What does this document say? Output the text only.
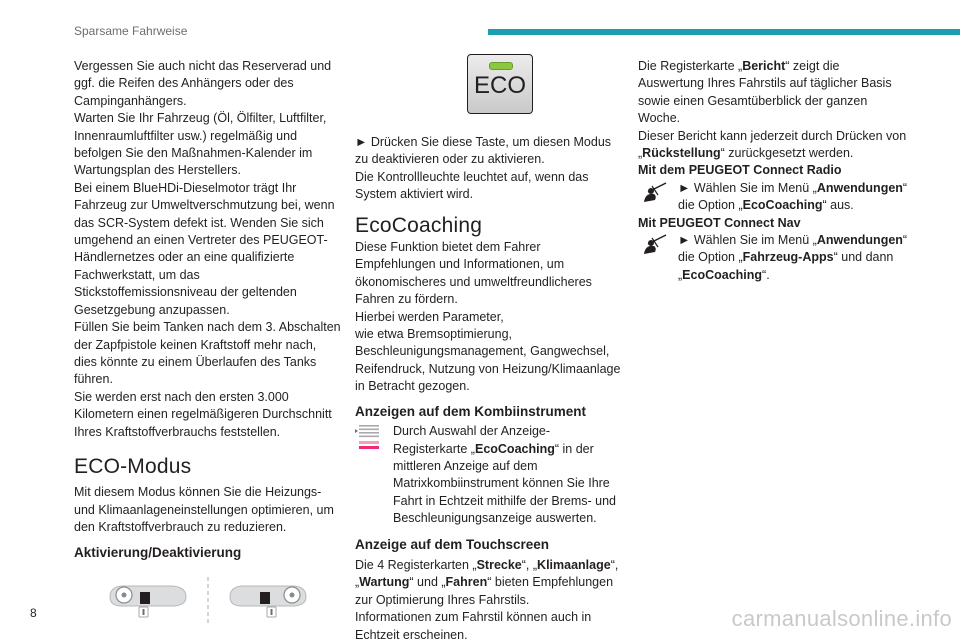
Sparsame Fahrweise

Vergessen Sie auch nicht das Reserverad und ggf. die Reifen des Anhängers oder des Campinganhängers.

Warten Sie Ihr Fahrzeug (Öl, Ölfilter, Luftfilter, Innenraumluftfilter usw.) regelmäßig und befolgen Sie den Maßnahmen-Kalender im Wartungsplan des Herstellers.

Bei einem BlueHDi-Dieselmotor trägt Ihr Fahrzeug zur Umweltverschmutzung bei, wenn das SCR-System defekt ist. Wenden Sie sich umgehend an einen Vertreter des PEUGEOT-Händlernetzes oder an eine qualifizierte Fachwerkstatt, um das Stickstoffemissionsniveau der geltenden Gesetzgebung anzupassen.

Füllen Sie beim Tanken nach dem 3. Abschalten der Zapfpistole keinen Kraftstoff mehr nach, dies könnte zu einem Überlaufen des Tanks führen.

Sie werden erst nach den ersten 3.000 Kilometern einen regelmäßigeren Durchschnitt Ihres Kraftstoffverbrauchs feststellen.

ECO-Modus

Mit diesem Modus können Sie die Heizungs- und Klimaanlageneinstellungen optimieren, um den Kraftstoffverbrauch zu reduzieren.

Aktivierung/Deaktivierung
ECO

► Drücken Sie diese Taste, um diesen Modus zu deaktivieren oder zu aktivieren.

Die Kontrollleuchte leuchtet auf, wenn das System aktiviert wird.

EcoCoaching

Diese Funktion bietet dem Fahrer Empfehlungen und Informationen, um ökonomischeres und umweltfreundlicheres Fahren zu fördern.

Hierbei werden Parameter,

wie etwa Bremsoptimierung, Beschleunigungsmanagement, Gangwechsel, Reifendruck, Nutzung von Heizung/Klimaanlage in Betracht gezogen.

Anzeigen auf dem Kombiinstrument

Durch Auswahl der Anzeige-Registerkarte „EcoCoaching“ in der mittleren Anzeige auf dem Matrixkombiinstrument können Sie Ihre Fahrt in Echtzeit mithilfe der Brems- und Beschleunigungsanzeige auswerten.

Anzeige auf dem Touchscreen

Die 4 Registerkarten „Strecke“, „Klimaanlage“, „Wartung“ und „Fahren“ bieten Empfehlungen zur Optimierung Ihres Fahrstils.

Informationen zum Fahrstil können auch in Echtzeit erscheinen.

Die Registerkarte „Bericht“ zeigt die Auswertung Ihres Fahrstils auf täglicher Basis sowie einen Gesamtüberblick der ganzen Woche.

Dieser Bericht kann jederzeit durch Drücken von „Rückstellung“ zurückgesetzt werden.

Mit dem PEUGEOT Connect Radio

► Wählen Sie im Menü „Anwendungen“ die Option „EcoCoaching“ aus.

Mit PEUGEOT Connect Nav

► Wählen Sie im Menü „Anwendungen“ die Option „Fahrzeug-Apps“ und dann „EcoCoaching“.

8	carmanualsonline.info
